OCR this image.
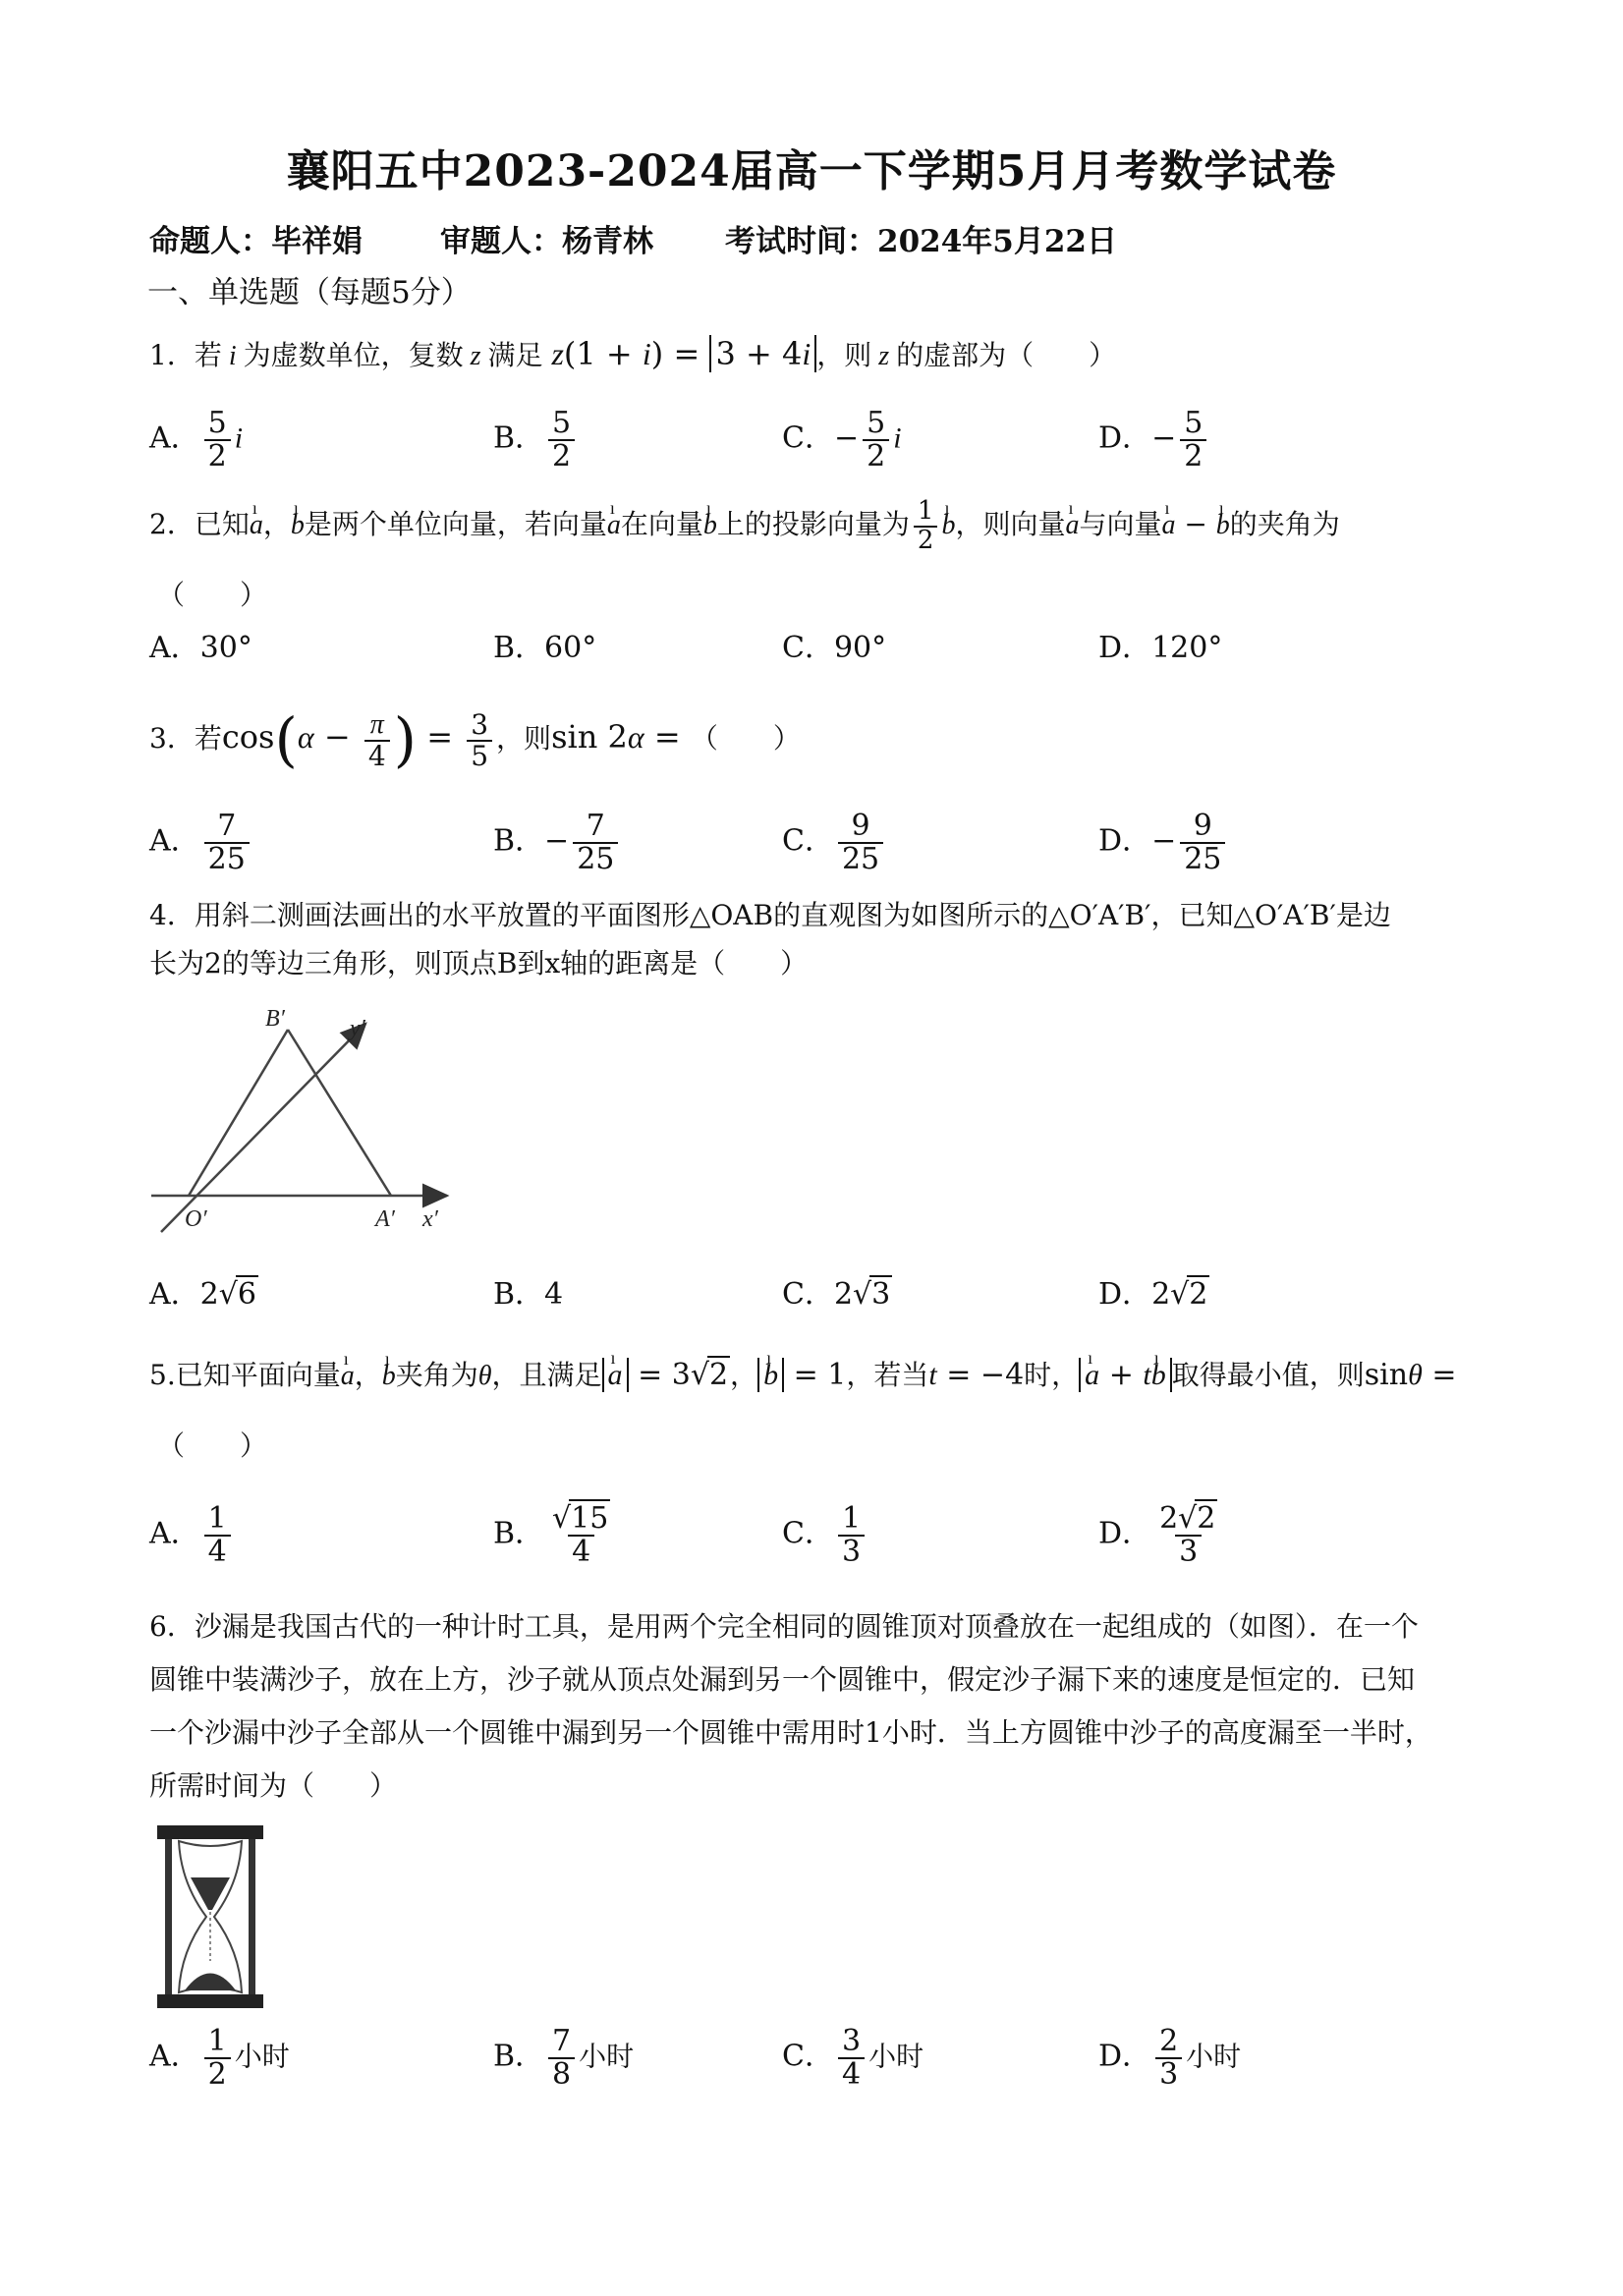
襄阳五中2023-2024届高一下学期5月月考数学试卷
命题人：毕祥娟	审题人：杨青林 考试时间：2024年5月22日
一、单选题（每题5分）
1．若 i 为虚数单位，复数 z 满足 z(1 + i) = 3 + 4i ，则 z 的虚部为（　　）
A． $\frac{5}{2}$ i	B． $\frac{5}{2}$	C．− $\frac{5}{2}$ i	D．− $\frac{5}{2}$
2．已知ı a，ı b是两个单位向量，若向量ı a在向量ı b上的投影向量为 $\frac{1}{2}$ ı b，则向量ı a与向量ı a − ı b的夹角为
（　　）
A．30°	B．60°	C．90°	D．120°
3．若$\cos(\alpha - \frac{\pi}{4}$ ) = $\frac{3}{5}$ ，则sin 2α = （　　）
A． $\frac{7}{25}$	B．− $\frac{7}{25}$	C． $\frac{9}{25}$	D．− $\frac{9}{25}$
4．用斜二测画法画出的水平放置的平面图形△OAB的直观图为如图所示的△O′A′B′，已知△O′A′B′是边
长为2的等边三角形，则顶点B到x轴的距离是（　　）
B′	y′
O′	A′ x′
A．2√6	B．4	C．2√3	D．2√2
5.已知平面向量ı a，ı b夹角为θ，且满足 ı a = 3√2， ı b = 1，若当t = −4时， ı a + tı b 取得最小值，则sinθ =
（　　）
A． $\frac{1}{4}$	B． $\frac{√15}{4}$	C． $\frac{1}{3}$	D． $\frac{2√2}{3}$
6．沙漏是我国古代的一种计时工具，是用两个完全相同的圆锥顶对顶叠放在一起组成的（如图）．在一个
圆锥中装满沙子，放在上方，沙子就从顶点处漏到另一个圆锥中，假定沙子漏下来的速度是恒定的．已知
一个沙漏中沙子全部从一个圆锥中漏到另一个圆锥中需用时1小时．当上方圆锥中沙子的高度漏至一半时，
所需时间为（　　）
A． $\frac{1}{2}$ 小时	B． $\frac{7}{8}$ 小时	C． $\frac{3}{4}$ 小时	D． $\frac{2}{3}$ 小时
